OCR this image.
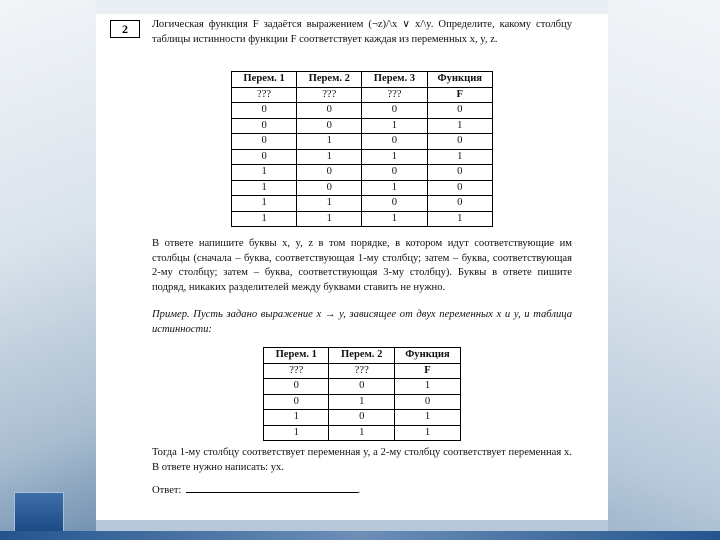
2	Логическая функция F задаётся выражением (¬z)/\x ∨ x/\y. Определите, какому столбцу таблицы истинности функции F соответствует каждая из переменных x, y, z.
Перем. 1	Перем. 2	Перем. 3	Функция
???	???	???	F
0	0	0	0
0	0	1	1
0	1	0	0
0	1	1	1
1	0	0	0
1	0	1	0
1	1	0	0
1	1	1	1
В ответе напишите буквы x, y, z в том порядке, в котором идут соответствующие им столбцы (сначала – буква, соответствующая 1-му столбцу; затем – буква, соответствующая 2-му столбцу; затем – буква, соответствующая 3-му столбцу). Буквы в ответе пишите подряд, никаких разделителей между буквами ставить не нужно.
Пример. Пусть задано выражение x → y, зависящее от двух переменных x и y, и таблица истинности:
Перем. 1	Перем. 2	Функция
???	???	F
0	0	1
0	1	0
1	0	1
1	1	1
Тогда 1-му столбцу соответствует переменная y, а 2-му столбцу соответствует переменная x. В ответе нужно написать: yx.
Ответ:	.
